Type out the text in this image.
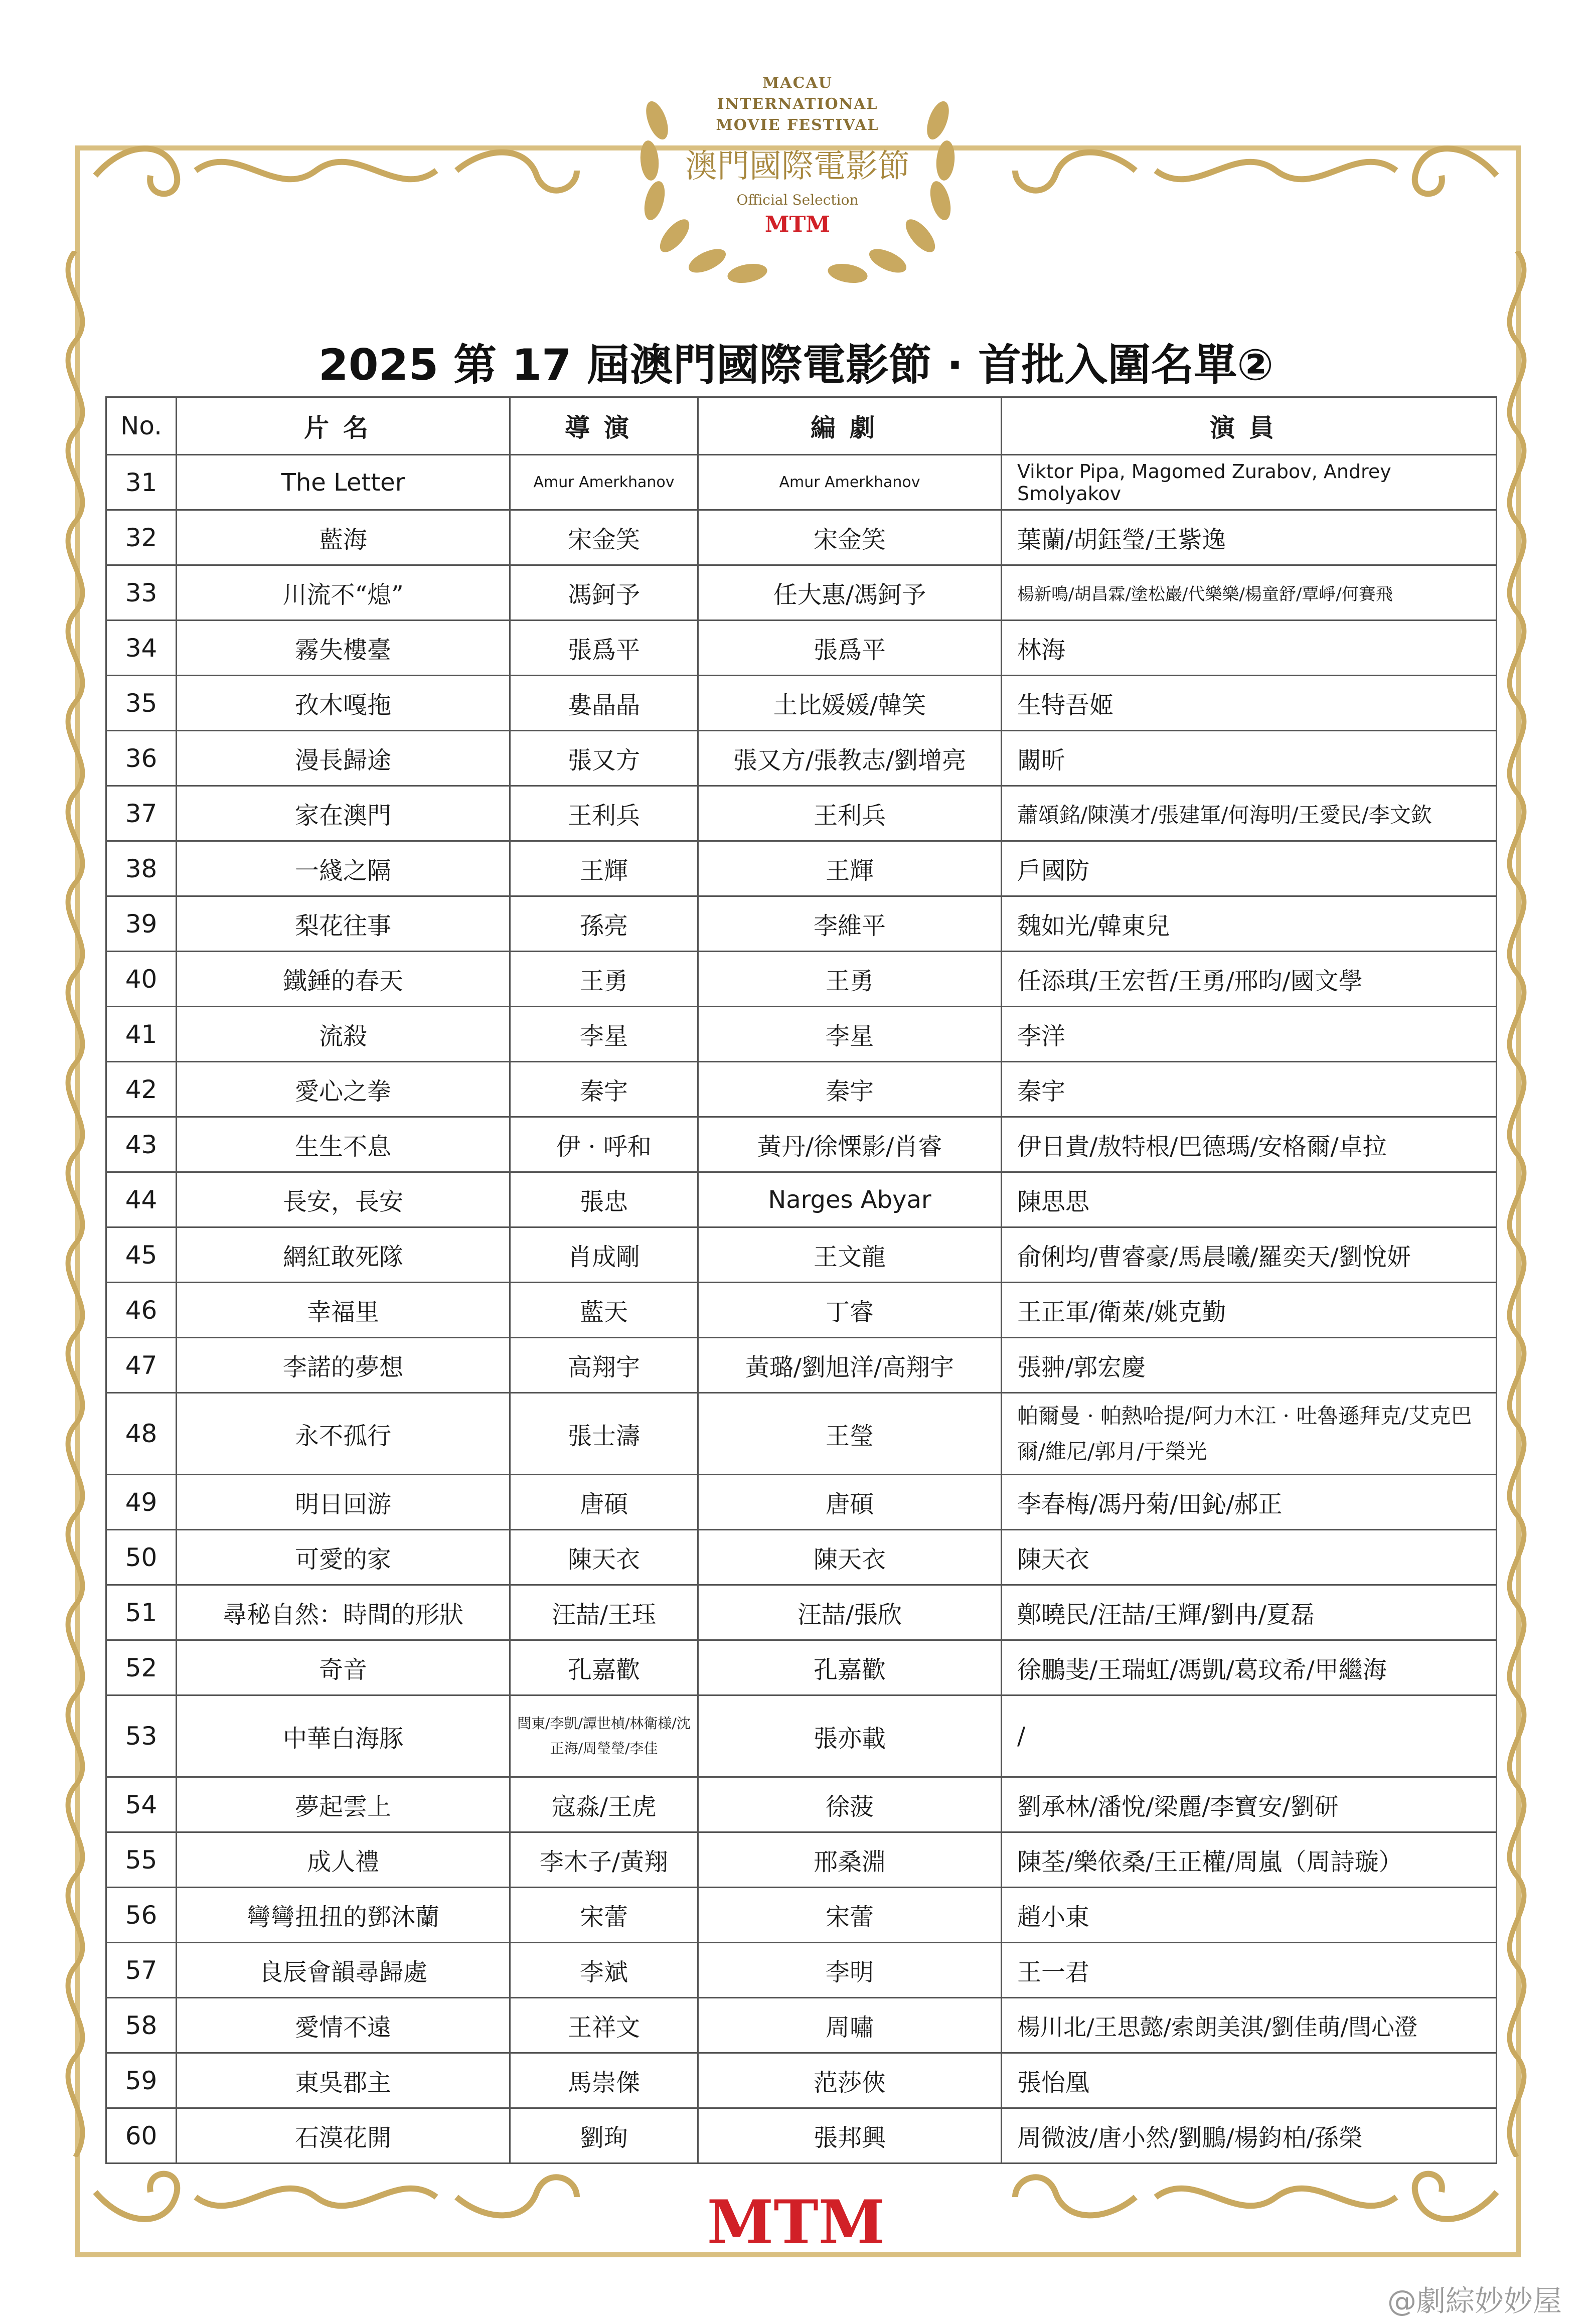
MACAU
INTERNATIONAL
MOVIE FESTIVAL
澳門國際電影節
Official Selection
MTM
2025 第 17 屆澳門國際電影節 · 首批入圍名單②
No.	片名	導演	編劇	演員
31	The Letter	Amur Amerkhanov	Amur Amerkhanov	Viktor Pipa, Magomed Zurabov, Andrey Smolyakov
32	藍海	宋金笑	宋金笑	葉蘭/胡鈺瑩/王紫逸
33	川流不“熄”	馮鈳予	任大惠/馮鈳予	楊新鳴/胡昌霖/塗松巖/代樂樂/楊童舒/覃崢/何賽飛
34	霧失樓臺	張爲平	張爲平	林海
35	孜木嘎拖	婁晶晶	土比媛媛/韓笑	生特吾姬
36	漫長歸途	張又方	張又方/張教志/劉增亮	闞昕
37	家在澳門	王利兵	王利兵	蕭頌銘/陳漢才/張建軍/何海明/王愛民/李文欽
38	一綫之隔	王輝	王輝	戶國防
39	梨花往事	孫亮	李維平	魏如光/韓東兒
40	鐵錘的春天	王勇	王勇	任添琪/王宏哲/王勇/邢昀/國文學
41	流殺	李星	李星	李洋
42	愛心之拳	秦宇	秦宇	秦宇
43	生生不息	伊 · 呼和	黃丹/徐慄影/肖睿	伊日貴/敖特根/巴德瑪/安格爾/卓拉
44	長安，長安	張忠	Narges Abyar	陳思思
45	網紅敢死隊	肖成剛	王文龍	俞俐均/曹睿豪/馬晨曦/羅奕天/劉悅妍
46	幸福里	藍天	丁睿	王正軍/衛萊/姚克勤
47	李諾的夢想	高翔宇	黃璐/劉旭洋/高翔宇	張翀/郭宏慶
48	永不孤行	張士濤	王瑩	帕爾曼 · 帕熱哈提/阿力木江 · 吐魯遜拜克/艾克巴爾/維尼/郭月/于榮光
49	明日回游	唐碩	唐碩	李春梅/馮丹菊/田鈊/郝正
50	可愛的家	陳天衣	陳天衣	陳天衣
51	尋秘自然：時間的形狀	汪喆/王珏	汪喆/張欣	鄭曉民/汪喆/王輝/劉冉/夏磊
52	奇音	孔嘉歡	孔嘉歡	徐鵬斐/王瑞虹/馮凱/葛玟希/甲繼海
53	中華白海豚	閆東/李凱/譚世楨/林衛様/沈正海/周瑩瑩/李佳	張亦載	/
54	夢起雲上	寇淼/王虎	徐菠	劉承林/潘悅/梁麗/李寶安/劉研
55	成人禮	李木子/黃翔	邢桑淵	陳荃/樂依桑/王正權/周嵐（周詩璇）
56	彎彎扭扭的鄧沐蘭	宋蕾	宋蕾	趙小東
57	良辰會韻尋歸處	李斌	李明	王一君
58	愛情不遠	王祥文	周嘯	楊川北/王思懿/索朗美淇/劉佳萌/閆心澄
59	東吳郡主	馬崇傑	范莎俠	張怡凰
60	石漠花開	劉珣	張邦興	周微波/唐小然/劉鵬/楊鈞柏/孫榮
MTM
@劇綜妙妙屋
